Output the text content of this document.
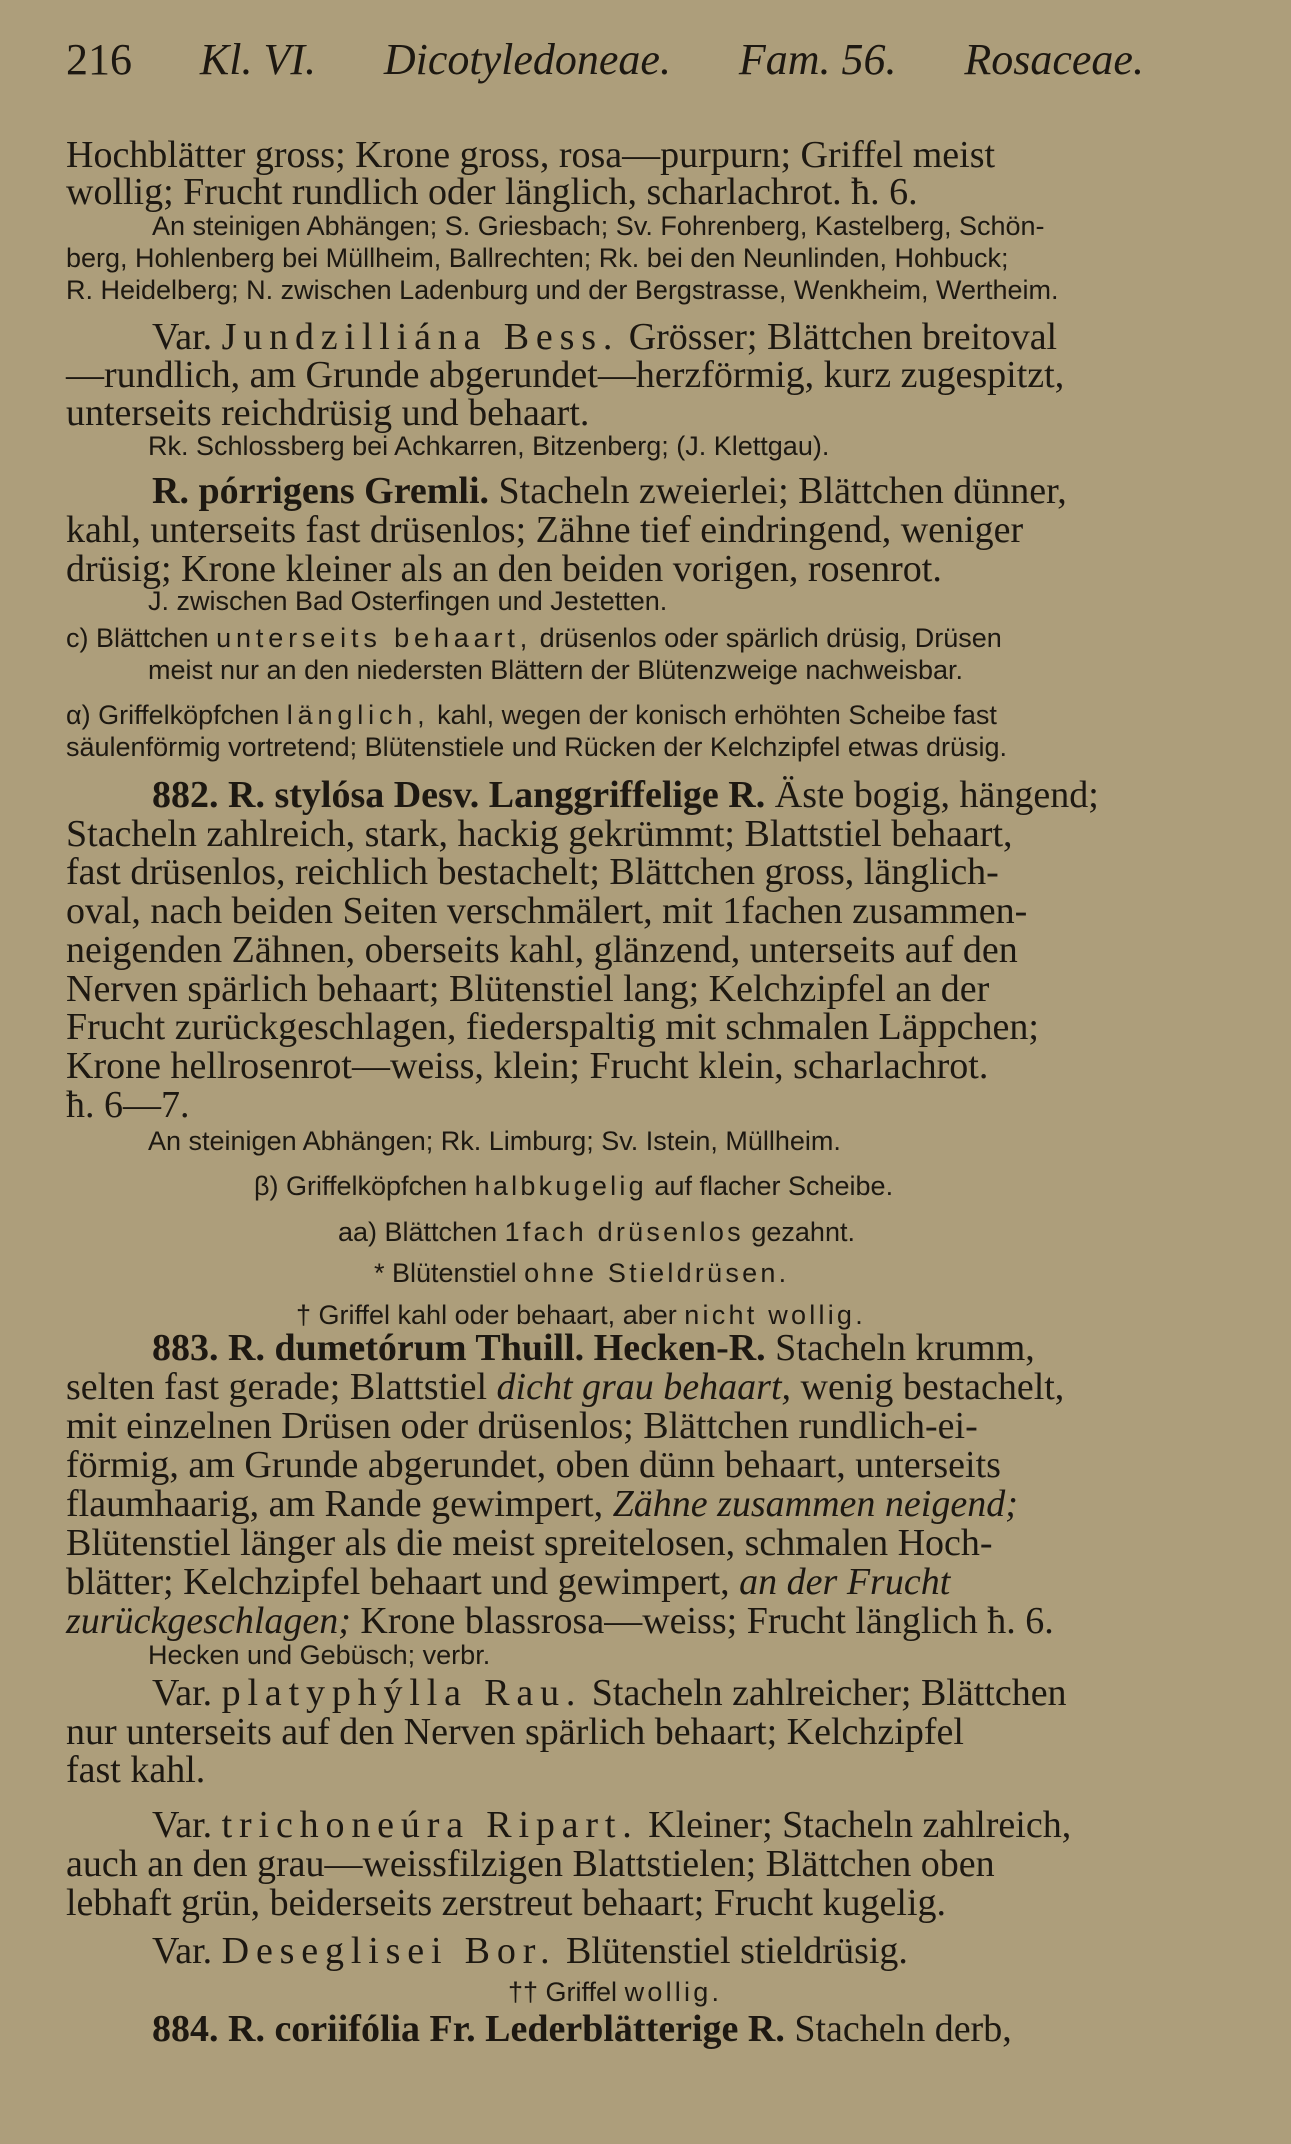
216 Kl. VI. Dicotyledoneae. Fam. 56. Rosaceae.
Hochblätter gross; Krone gross, rosa—purpurn; Griffel meist
wollig; Frucht rundlich oder länglich, scharlachrot. ħ. 6.
An steinigen Abhängen; S. Griesbach; Sv. Fohrenberg, Kastelberg, Schön-
berg, Hohlenberg bei Müllheim, Ballrechten; Rk. bei den Neunlinden, Hohbuck;
R. Heidelberg; N. zwischen Ladenburg und der Bergstrasse, Wenkheim, Wertheim.
Var. Jundzilliána Bess. Grösser; Blättchen breitoval
—rundlich, am Grunde abgerundet—herzförmig, kurz zugespitzt,
unterseits reichdrüsig und behaart.
Rk. Schlossberg bei Achkarren, Bitzenberg; (J. Klettgau).
R. pórrigens Gremli. Stacheln zweierlei; Blättchen dünner,
kahl, unterseits fast drüsenlos; Zähne tief eindringend, weniger
drüsig; Krone kleiner als an den beiden vorigen, rosenrot.
J. zwischen Bad Osterfingen und Jestetten.
c) Blättchen unterseits behaart, drüsenlos oder spärlich drüsig, Drüsen
meist nur an den niedersten Blättern der Blütenzweige nachweisbar.
α) Griffelköpfchen länglich, kahl, wegen der konisch erhöhten Scheibe fast
säulenförmig vortretend; Blütenstiele und Rücken der Kelchzipfel etwas drüsig.
882. R. stylósa Desv. Langgriffelige R. Äste bogig, hängend;
Stacheln zahlreich, stark, hackig gekrümmt; Blattstiel behaart,
fast drüsenlos, reichlich bestachelt; Blättchen gross, länglich-
oval, nach beiden Seiten verschmälert, mit 1fachen zusammen-
neigenden Zähnen, oberseits kahl, glänzend, unterseits auf den
Nerven spärlich behaart; Blütenstiel lang; Kelchzipfel an der
Frucht zurückgeschlagen, fiederspaltig mit schmalen Läppchen;
Krone hellrosenrot—weiss, klein; Frucht klein, scharlachrot.
ħ. 6—7.
An steinigen Abhängen; Rk. Limburg; Sv. Istein, Müllheim.
β) Griffelköpfchen halbkugelig auf flacher Scheibe.
aa) Blättchen 1fach drüsenlos gezahnt.
* Blütenstiel ohne Stieldrüsen.
† Griffel kahl oder behaart, aber nicht wollig.
883. R. dumetórum Thuill. Hecken-R. Stacheln krumm,
selten fast gerade; Blattstiel dicht grau behaart, wenig bestachelt,
mit einzelnen Drüsen oder drüsenlos; Blättchen rundlich-ei-
förmig, am Grunde abgerundet, oben dünn behaart, unterseits
flaumhaarig, am Rande gewimpert, Zähne zusammen neigend;
Blütenstiel länger als die meist spreitelosen, schmalen Hoch-
blätter; Kelchzipfel behaart und gewimpert, an der Frucht
zurückgeschlagen; Krone blassrosa—weiss; Frucht länglich ħ. 6.
Hecken und Gebüsch; verbr.
Var. platyphýlla Rau. Stacheln zahlreicher; Blättchen
nur unterseits auf den Nerven spärlich behaart; Kelchzipfel
fast kahl.
Var. trichoneúra Ripart. Kleiner; Stacheln zahlreich,
auch an den grau—weissfilzigen Blattstielen; Blättchen oben
lebhaft grün, beiderseits zerstreut behaart; Frucht kugelig.
Var. Deseglisei Bor. Blütenstiel stieldrüsig.
†† Griffel wollig.
884. R. coriifólia Fr. Lederblätterige R. Stacheln derb,
